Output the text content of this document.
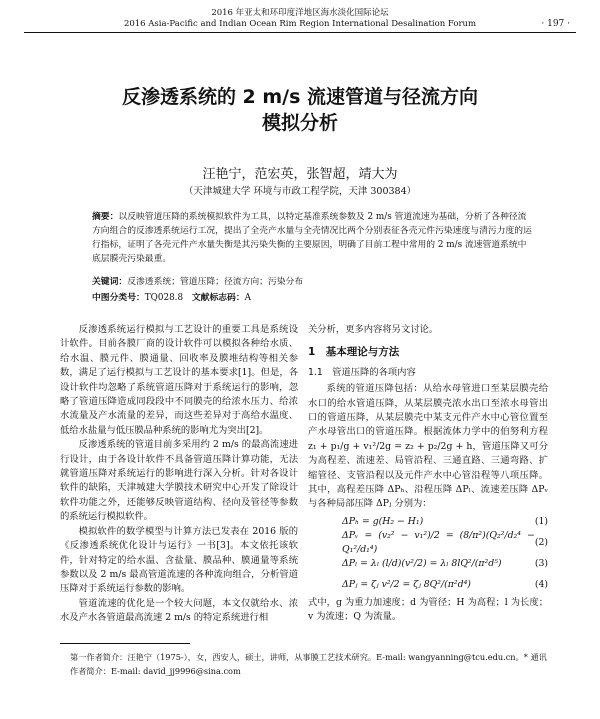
2016 年亚太和环印度洋地区海水淡化国际论坛
2016 Asia-Pacific and Indian Ocean Rim Region International Desalination Forum	· 197 ·
反渗透系统的 2 m/s 流速管道与径流方向
模拟分析
汪艳宁，范宏英，张智超，靖大为
（天津城建大学 环境与市政工程学院，天津 300384）
摘要：以反映管道压降的系统模拟软件为工具，以特定基准系统参数及 2 m/s 管道流速为基础，分析了各种径流方向组合的反渗透系统运行工况，提出了全壳产水量与全壳情况比两个分别表征各壳元件污染速度与清污力度的运行指标，证明了各壳元件产水量失衡是其污染失衡的主要原因，明确了目前工程中常用的 2 m/s 流速管道系统中底层膜壳污染最重。
关键词：反渗透系统；管道压降；径流方向；污染分布
中图分类号：TQ028.8  文献标志码：A

反渗透系统运行模拟与工艺设计的重要工具是系统设计软件。目前各膜厂商的设计软件可以模拟各种给水质、给水温、膜元件、膜通量、回收率及膜堆结构等相关参数，满足了运行模拟与工艺设计的基本要求[1]。但是，各设计软件均忽略了系统管道压降对于系统运行的影响，忽略了管道压降造成同段段中不同膜壳的给浓水压力、给浓水流量及产水流量的差异，而这些差异对于高给水温度、低给水盐量与低压膜品种系统的影响尤为突出[2]。

反渗透系统的管道目前多采用约 2 m/s 的最高流速进行设计，由于各设计软件不具备管道压降计算功能，无法就管道压降对系统运行的影响进行深入分析。针对各设计软件的缺陷，天津城建大学膜技术研究中心开发了除设计软件功能之外，还能够反映管道结构、径向及管径等参数的系统运行模拟软件。

模拟软件的数学模型与计算方法已发表在 2016 版的《反渗透系统优化设计与运行》一书[3]。本文依托该软件，针对特定的给水温、含盐量、膜品种、膜通量等系统参数以及 2 m/s 最高管道流速的各种流向组合，分析管道压降对于系统运行参数的影响。

管道流速的优化是一个较大问题，本文仅就给水、浓水及产水各管道最高流速 2 m/s 的特定系统进行相

关分析，更多内容将另文讨论。

1　基本理论与方法
1.1　管道压降的各项内容

系统的管道压降包括：从给水母管进口至某层膜壳给水口的给水管道压降，从某层膜壳浓水出口至浓水母管出口的管道压降，从某层膜壳中某支元件产水中心管位置至产水母管出口的管道压降。根据流体力学中的伯努利方程 z₁ + p₁/g + v₁²/2g = z₂ + p₂/2g + h，管道压降又可分为高程差、流速差、局管沿程、三通直路、三通弯路、扩缩管径、支管沿程以及元件产水中心管沿程等八项压降。其中，高程差压降 ΔPₕ、沿程压降 ΔPₗ、流速差压降 ΔPᵥ 与各种局部压降 ΔPⱼ 分别为：

ΔPₕ = g(H₂ − H₁)	(1)
ΔPᵥ = (v₂² − v₁²)/2 = (8/π²)(Q₂²/d₂⁴ − Q₁²/d₁⁴)
(2)
ΔPₗ = λₗ (l/d)(v²/2) = λₗ 8lQ²/(π²d⁵)	(3)
ΔPⱼ = ζⱼ v²/2 = ζⱼ 8Q²/(π²d⁴)	(4)

式中，g 为重力加速度；d 为管径；H 为高程；l 为长度；v 为流速；Q 为流量。

第一作者简介：汪艳宁（1975-），女，西安人，硕士，讲师，从事膜工艺技术研究。E-mail: wangyanning@tcu.edu.cn。* 通讯
作者简介：E-mail: david_jj9996@sina.com
